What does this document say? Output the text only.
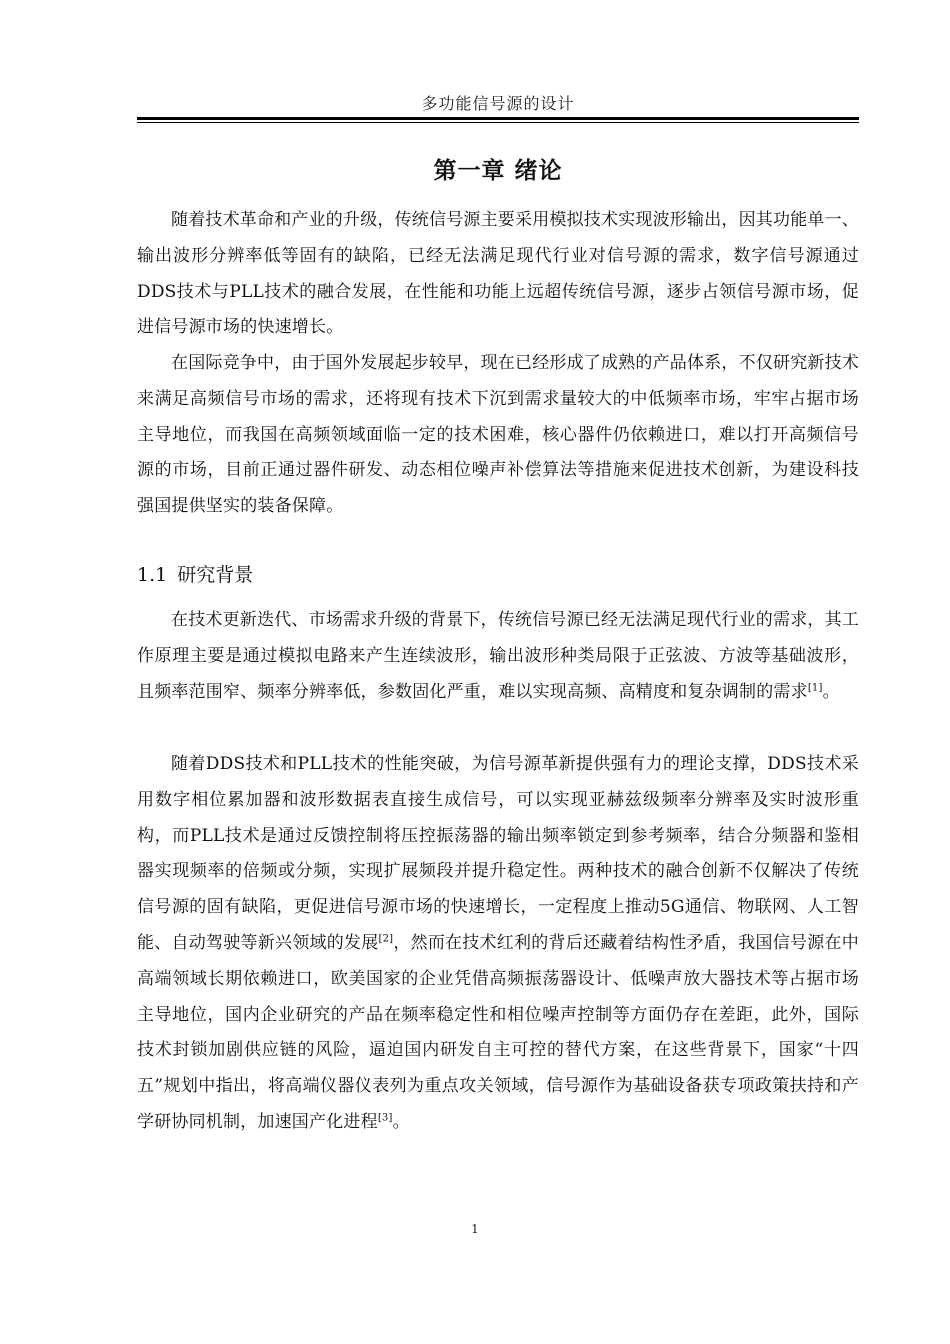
多功能信号源的设计
第一章 绪论

随着技术革命和产业的升级，传统信号源主要采用模拟技术实现波形输出，因其功能单一、输出波形分辨率低等固有的缺陷，已经无法满足现代行业对信号源的需求，数字信号源通过DDS技术与PLL技术的融合发展，在性能和功能上远超传统信号源，逐步占领信号源市场，促进信号源市场的快速增长。

在国际竞争中，由于国外发展起步较早，现在已经形成了成熟的产品体系，不仅研究新技术来满足高频信号市场的需求，还将现有技术下沉到需求量较大的中低频率市场，牢牢占据市场主导地位，而我国在高频领域面临一定的技术困难，核心器件仍依赖进口，难以打开高频信号源的市场，目前正通过器件研发、动态相位噪声补偿算法等措施来促进技术创新，为建设科技强国提供坚实的装备保障。

1.1 研究背景

在技术更新迭代、市场需求升级的背景下，传统信号源已经无法满足现代行业的需求，其工作原理主要是通过模拟电路来产生连续波形，输出波形种类局限于正弦波、方波等基础波形，且频率范围窄、频率分辨率低，参数固化严重，难以实现高频、高精度和复杂调制的需求[1]。

随着DDS技术和PLL技术的性能突破，为信号源革新提供强有力的理论支撑，DDS技术采用数字相位累加器和波形数据表直接生成信号，可以实现亚赫兹级频率分辨率及实时波形重构，而PLL技术是通过反馈控制将压控振荡器的输出频率锁定到参考频率，结合分频器和鉴相器实现频率的倍频或分频，实现扩展频段并提升稳定性。两种技术的融合创新不仅解决了传统信号源的固有缺陷，更促进信号源市场的快速增长，一定程度上推动5G通信、物联网、人工智能、自动驾驶等新兴领域的发展[2]，然而在技术红利的背后还藏着结构性矛盾，我国信号源在中高端领域长期依赖进口，欧美国家的企业凭借高频振荡器设计、低噪声放大器技术等占据市场主导地位，国内企业研究的产品在频率稳定性和相位噪声控制等方面仍存在差距，此外，国际技术封锁加剧供应链的风险，逼迫国内研发自主可控的替代方案，在这些背景下，国家“十四五”规划中指出，将高端仪器仪表列为重点攻关领域，信号源作为基础设备获专项政策扶持和产学研协同机制，加速国产化进程[3]。

1
